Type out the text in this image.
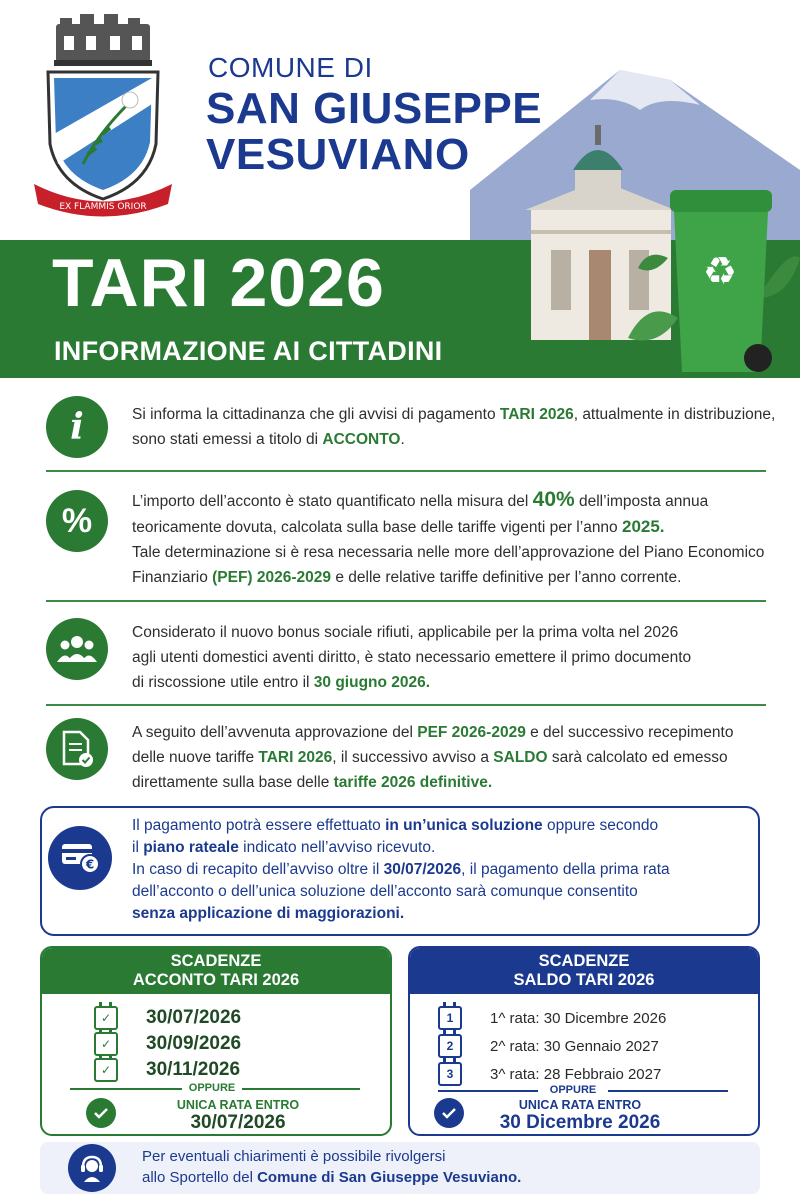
EX FLAMMIS ORIOR
COMUNE DI
SAN GIUSEPPE
VESUVIANO
♻
TARI 2026
INFORMAZIONE AI CITTADINI
i	Si informa la cittadinanza che gli avvisi di pagamento TARI 2026, attualmente in distribuzione,
sono stati emessi a titolo di ACCONTO.
%	L’importo dell’acconto è stato quantificato nella misura del 40% dell’imposta annua
teoricamente dovuta, calcolata sulla base delle tariffe vigenti per l’anno 2025.
Tale determinazione si è resa necessaria nelle more dell’approvazione del Piano Economico
Finanziario (PEF) 2026-2029 e delle relative tariffe definitive per l’anno corrente.
Considerato il nuovo bonus sociale rifiuti, applicabile per la prima volta nel 2026
agli utenti domestici aventi diritto, è stato necessario emettere il primo documento
di riscossione utile entro il 30 giugno 2026.
A seguito dell’avvenuta approvazione del PEF 2026-2029 e del successivo recepimento
delle nuove tariffe TARI 2026, il successivo avviso a SALDO sarà calcolato ed emesso
direttamente sulla base delle tariffe 2026 definitive.
€
Il pagamento potrà essere effettuato in un’unica soluzione oppure secondo
il piano rateale indicato nell’avviso ricevuto.
In caso di recapito dell’avviso oltre il 30/07/2026, il pagamento della prima rata
dell’acconto o dell’unica soluzione dell’acconto sarà comunque consentito
senza applicazione di maggiorazioni.
SCADENZE
ACCONTO TARI 2026
✓	30/07/2026
✓	30/09/2026
✓	30/11/2026
OPPURE
UNICA RATA ENTRO
30/07/2026
SCADENZE
SALDO TARI 2026
1	1^ rata: 30 Dicembre 2026
2	2^ rata: 30 Gennaio 2027
3	3^ rata: 28 Febbraio 2027
OPPURE
UNICA RATA ENTRO
30 Dicembre 2026
Per eventuali chiarimenti è possibile rivolgersi
allo Sportello del Comune di San Giuseppe Vesuviano.
